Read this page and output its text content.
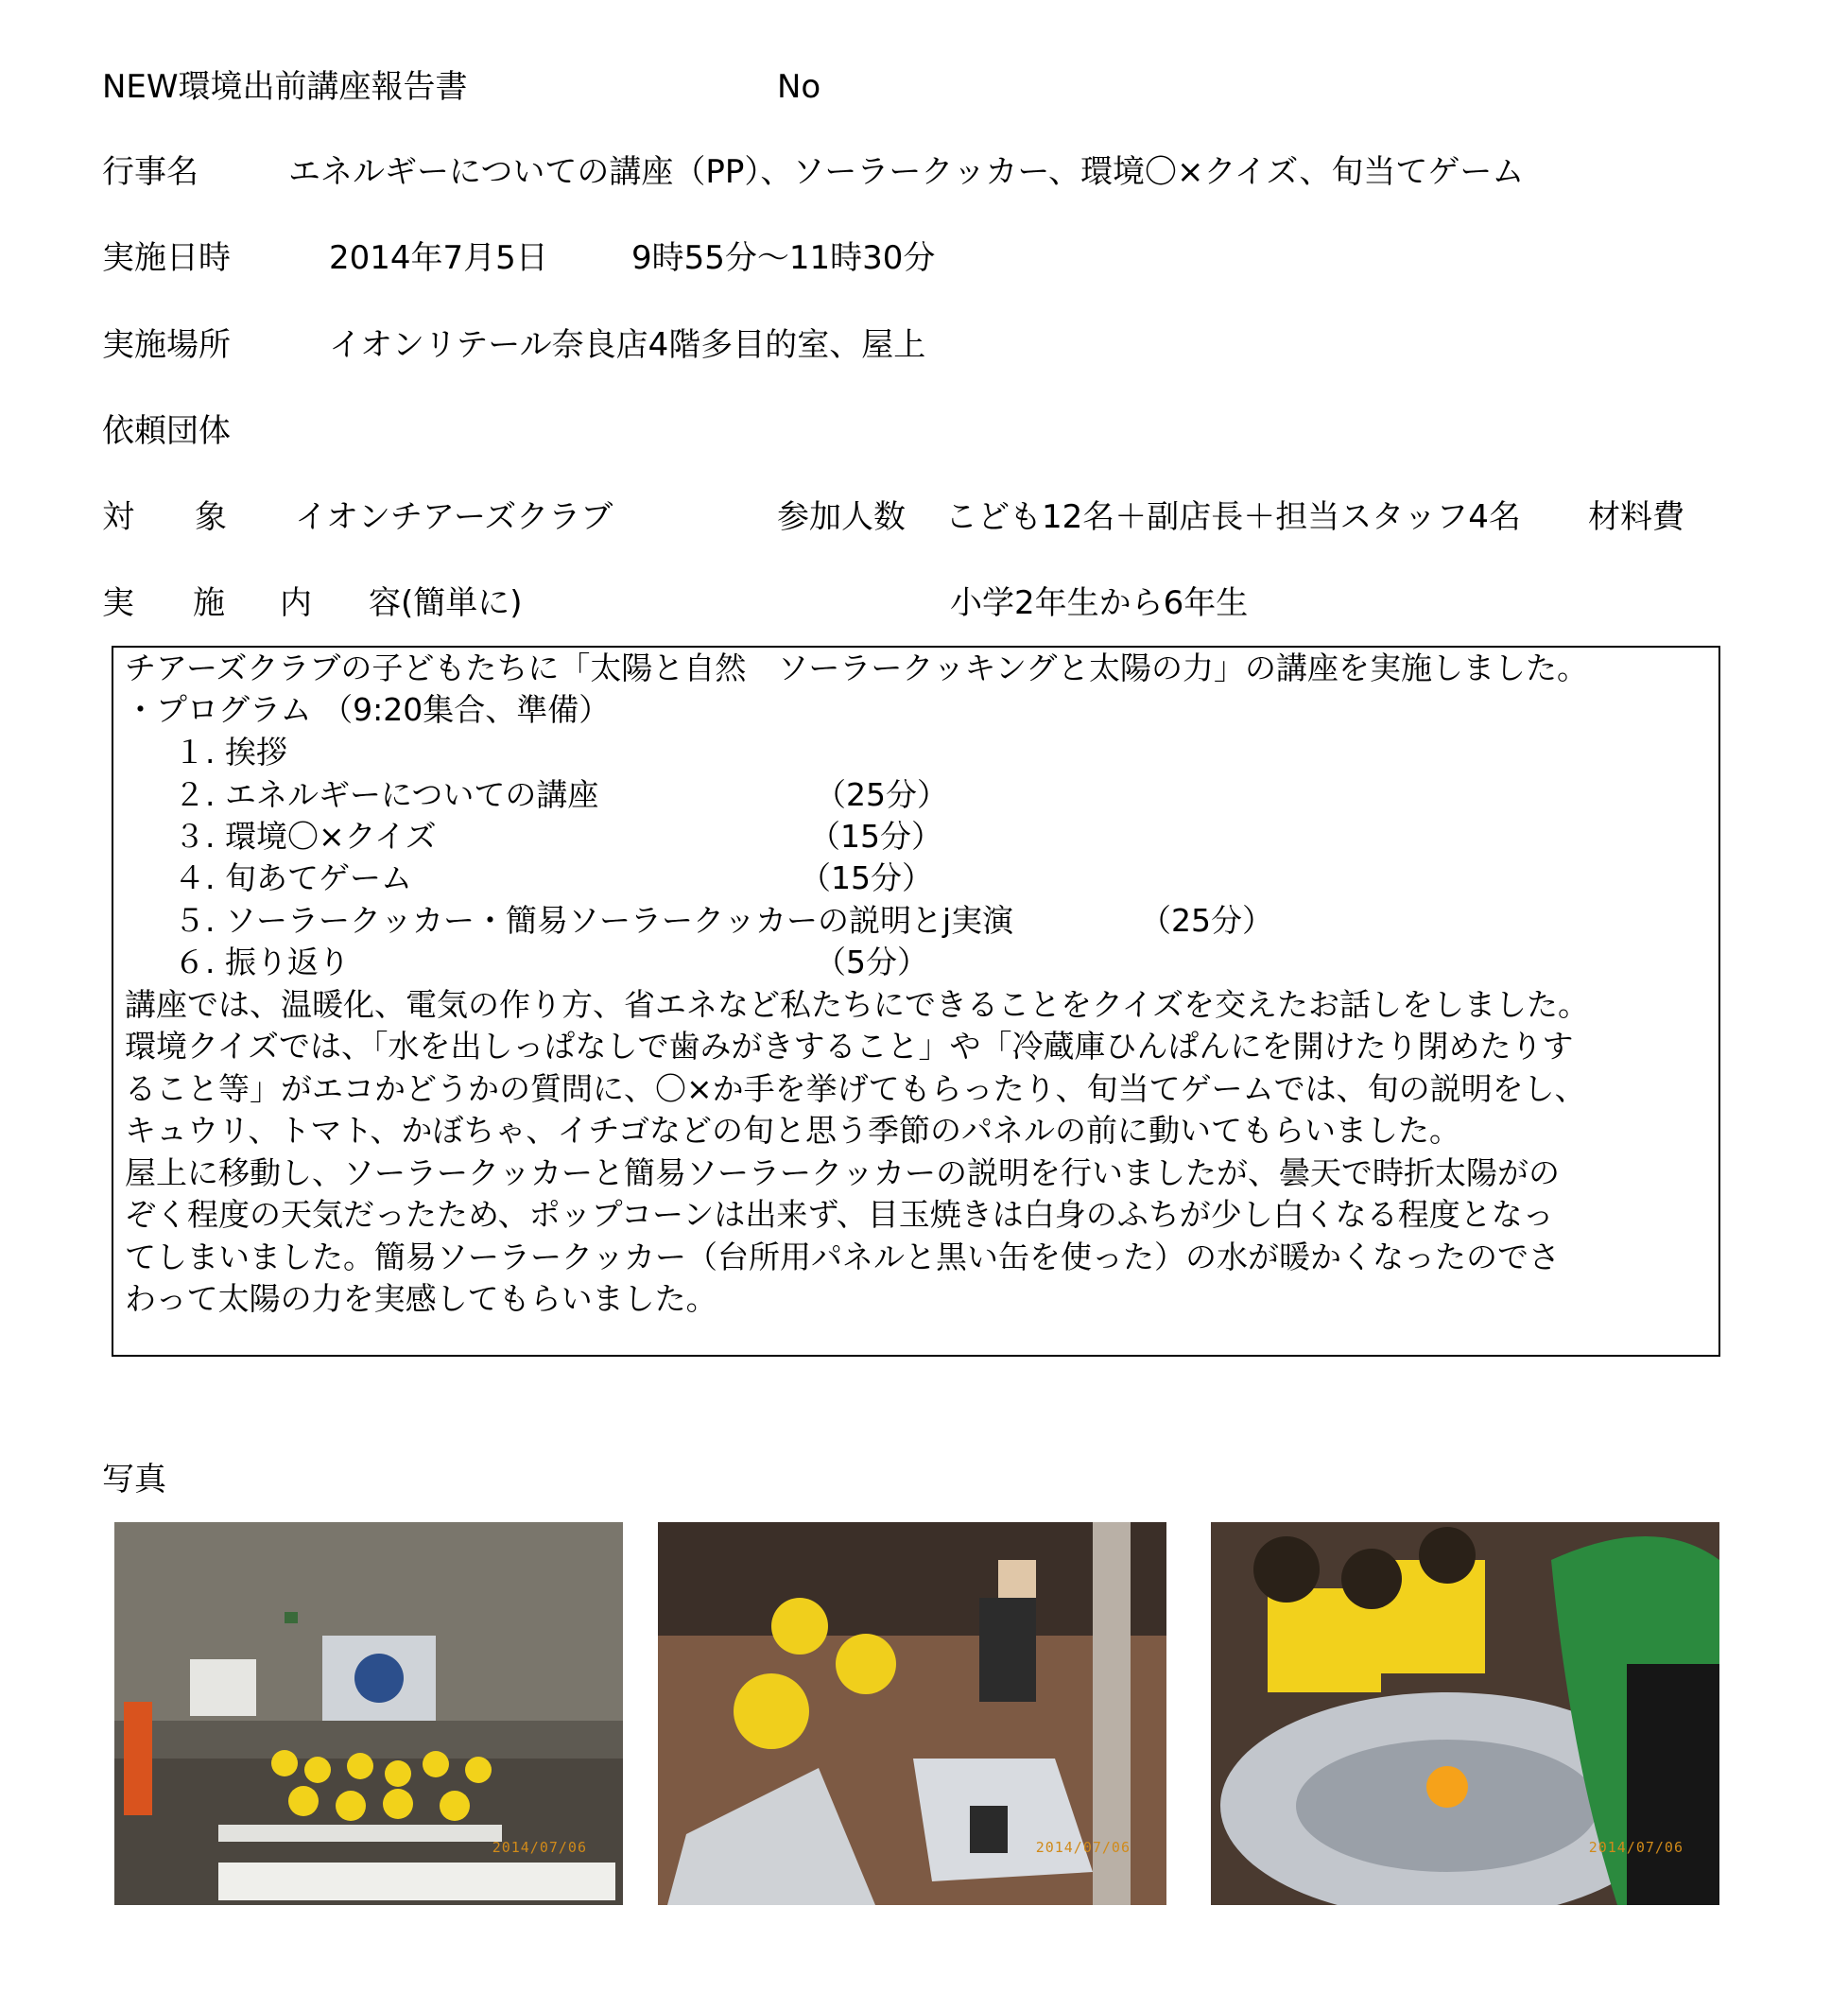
NEW環境出前講座報告書	No
行事名	エネルギーについての講座（PP）、ソーラークッカー、環境〇×クイズ、旬当てゲーム
実施日時	2014年7月5日	9時55分～11時30分
実施場所	イオンリテール奈良店4階多目的室、屋上
依頼団体
対 象 イオンチアーズクラブ	参加人数 こども12名＋副店長＋担当スタッフ4名 材料費
実 施 内 容(簡単に)	小学2年生から6年生
チアーズクラブの子どもたちに「太陽と自然　ソーラークッキングと太陽の力」の講座を実施しました。
・プログラム （9:20集合、準備）
１. 挨拶
２. エネルギーについての講座	（25分）
３. 環境〇×クイズ	（15分）
４. 旬あてゲーム	（15分）
５. ソーラークッカー・簡易ソーラークッカーの説明とj実演	（25分）
６. 振り返り	（5分）
講座では、温暖化、電気の作り方、省エネなど私たちにできることをクイズを交えたお話しをしました。
環境クイズでは、「水を出しっぱなしで歯みがきすること」や「冷蔵庫ひんぱんにを開けたり閉めたりす
ること等」がエコかどうかの質問に、〇×か手を挙げてもらったり、旬当てゲームでは、旬の説明をし、
キュウリ、トマト、かぼちゃ、イチゴなどの旬と思う季節のパネルの前に動いてもらいました。
屋上に移動し、ソーラークッカーと簡易ソーラークッカーの説明を行いましたが、曇天で時折太陽がの
ぞく程度の天気だったため、ポップコーンは出来ず、目玉焼きは白身のふちが少し白くなる程度となっ
てしまいました。簡易ソーラークッカー（台所用パネルと黒い缶を使った）の水が暖かくなったのでさ
わって太陽の力を実感してもらいました。
写真
2014/07/06	2014/07/06	2014/07/06
